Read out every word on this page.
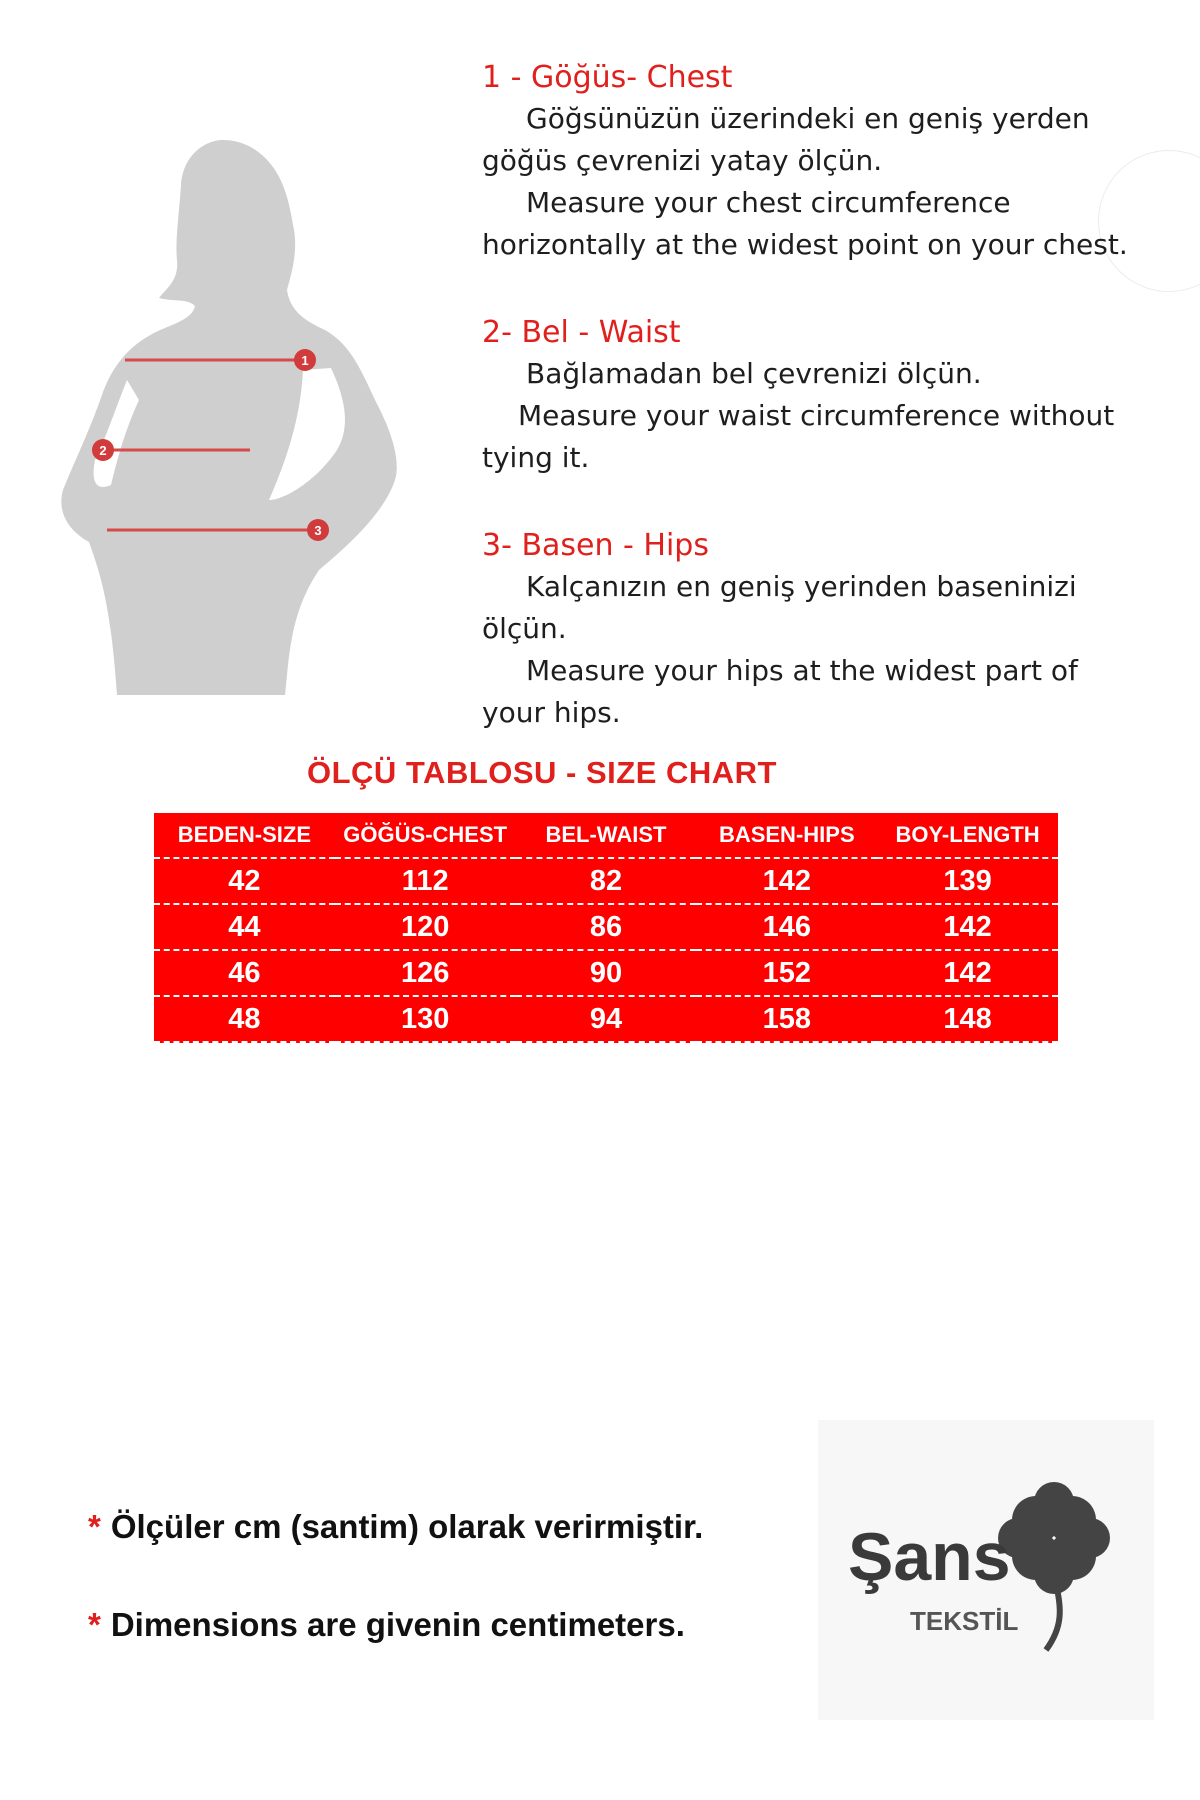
1
2
3
1 - Göğüs- Chest

Göğsünüzün üzerindeki en geniş yerden

göğüs çevrenizi yatay ölçün.

Measure your chest circumference

horizontally at the widest point on your chest.

2- Bel - Waist

Bağlamadan bel çevrenizi ölçün.

Measure your waist circumference without

tying it.

3- Basen - Hips

Kalçanızın en geniş yerinden baseninizi

ölçün.

Measure your hips at the widest part of

your hips.

ÖLÇÜ TABLOSU - SIZE CHART
BEDEN-SIZE	GÖĞÜS-CHEST	BEL-WAIST	BASEN-HIPS	BOY-LENGTH
42	112	82	142	139
44	120	86	146	142
46	126	90	152	142
48	130	94	158	148

* Ölçüler cm (santim) olarak verirmiştir.

* Dimensions are givenin centimeters.

Şans
TEKSTİL
